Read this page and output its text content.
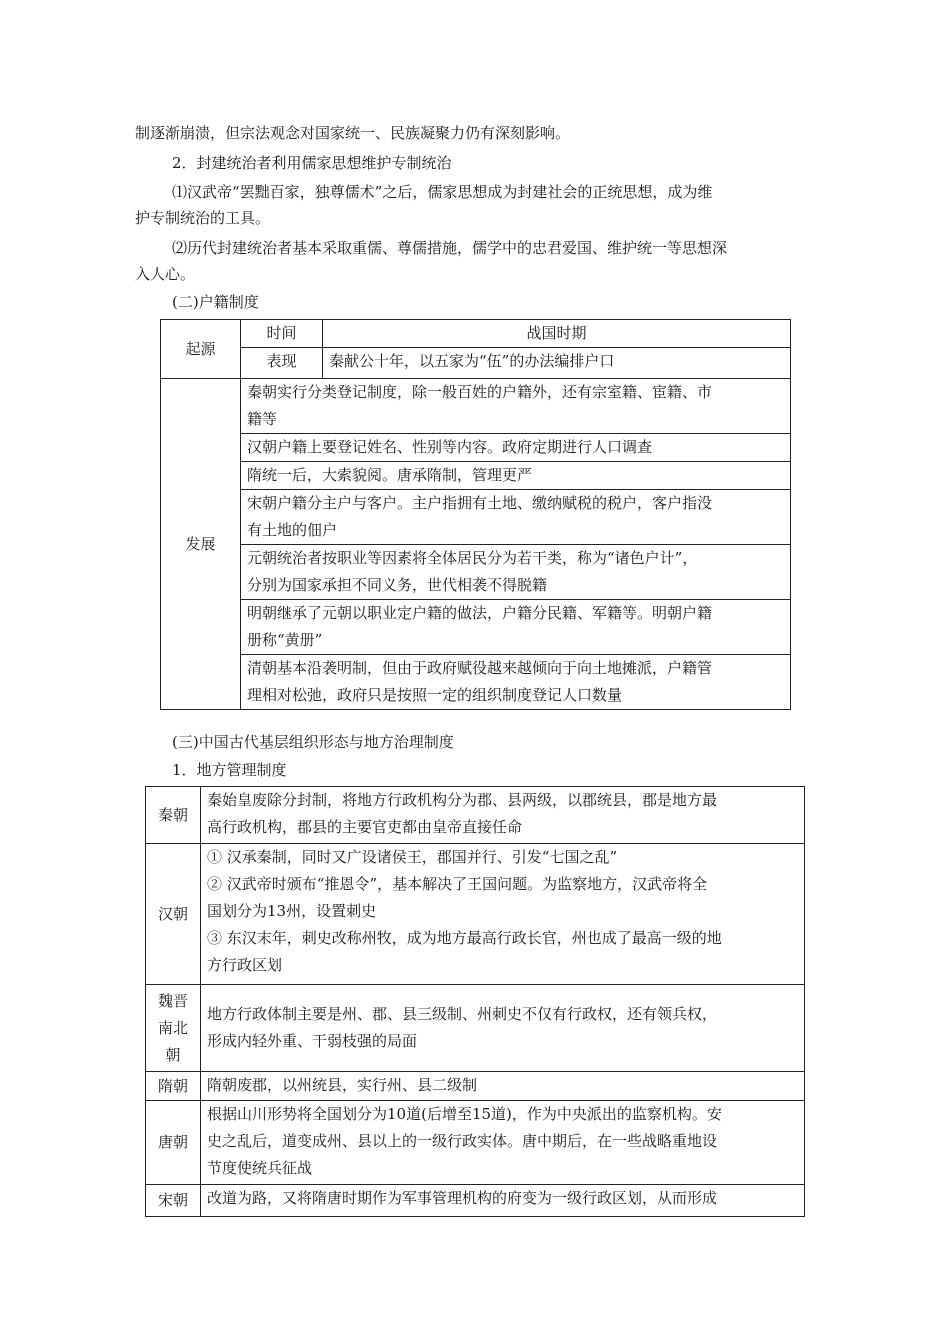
制逐渐崩溃，但宗法观念对国家统一、民族凝聚力仍有深刻影响。
2．封建统治者利用儒家思想维护专制统治
⑴汉武帝“罢黜百家，独尊儒术”之后，儒家思想成为封建社会的正统思想，成为维
护专制统治的工具。
⑵历代封建统治者基本采取重儒、尊儒措施，儒学中的忠君爱国、维护统一等思想深
入人心。
(二)户籍制度
起源	时间	战国时期
	表现	秦献公十年，以五家为“伍”的办法编排户口
发展	秦朝实行分类登记制度，除一般百姓的户籍外，还有宗室籍、宦籍、市
籍等	

	汉朝户籍上要登记姓名、性别等内容。政府定期进行人口调查	

	隋统一后，大索貌阅。唐承隋制，管理更严	

	宋朝户籍分主户与客户。主户指拥有土地、缴纳赋税的税户，客户指没
有土地的佃户	

	元朝统治者按职业等因素将全体居民分为若干类，称为“诸色户计”，
分别为国家承担不同义务，世代相袭不得脱籍	

	明朝继承了元朝以职业定户籍的做法，户籍分民籍、军籍等。明朝户籍
册称“黄册”	

	清朝基本沿袭明制，但由于政府赋役越来越倾向于向土地摊派，户籍管
理相对松弛，政府只是按照一定的组织制度登记人口数量	
(三)中国古代基层组织形态与地方治理制度
1．地方管理制度
秦朝	秦始皇废除分封制，将地方行政机构分为郡、县两级，以郡统县，郡是地方最
高行政机构，郡县的主要官吏都由皇帝直接任命

汉朝	① 汉承秦制，同时又广设诸侯王，郡国并行、引发“七国之乱”
② 汉武帝时颁布“推恩令”，基本解决了王国问题。为监察地方，汉武帝将全
国划分为13州，设置刺史
③ 东汉末年，刺史改称州牧，成为地方最高行政长官，州也成了最高一级的地
方行政区划

魏晋
南北
朝	地方行政体制主要是州、郡、县三级制、州刺史不仅有行政权，还有领兵权，
形成内轻外重、干弱枝强的局面

隋朝	隋朝废郡，以州统县，实行州、县二级制

唐朝	根据山川形势将全国划分为10道(后增至15道)，作为中央派出的监察机构。安
史之乱后，道变成州、县以上的一级行政实体。唐中期后，在一些战略重地设
节度使统兵征战

宋朝	改道为路，又将隋唐时期作为军事管理机构的府变为一级行政区划，从而形成
